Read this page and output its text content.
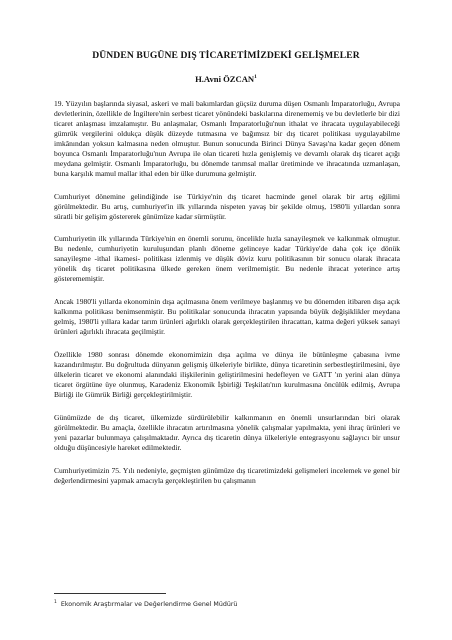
DÜNDEN BUGÜNE DIŞ TİCARETİMİZDEKİ GELİŞMELER
H.Avni ÖZCAN$^1$

19. Yüzyılın başlarında siyasal, askeri ve mali bakımlardan güçsüz duruma düşen Osmanlı İmparatorluğu, Avrupa devletlerinin, özellikle de İngiltere'nin serbest ticaret yönündeki baskılarına direnememiş ve bu devletlerle bir dizi ticaret anlaşması imzalamıştır. Bu anlaşmalar, Osmanlı İmparatorluğu'nun ithalat ve ihracata uygulayabileceği gümrük vergilerini oldukça düşük düzeyde tutmasına ve bağımsız bir dış ticaret politikası uygulayabilme imkânından yoksun kalmasına neden olmuştur. Bunun sonucunda Birinci Dünya Savaşı'na kadar geçen dönem boyunca Osmanlı İmparatorluğu'nun Avrupa ile olan ticareti hızla genişlemiş ve devamlı olarak dış ticaret açığı meydana gelmiştir. Osmanlı İmparatorluğu, bu dönemde tarımsal mallar üretiminde ve ihracatında uzmanlaşan, buna karşılık mamul mallar ithal eden bir ülke durumuna gelmiştir.

Cumhuriyet dönemine gelindiğinde ise Türkiye'nin dış ticaret hacminde genel olarak bir artış eğilimi görülmektedir. Bu artış, cumhuriyet'in ilk yıllarında nispeten yavaş bir şekilde olmuş, 1980'li yıllardan sonra süratli bir gelişim göstererek günümüze kadar sürmüştür.

Cumhuriyetin ilk yıllarında Türkiye'nin en önemli sorunu, öncelikle hızla sanayileşmek ve kalkınmak olmuştur. Bu nedenle, cumhuriyetin kuruluşundan planlı döneme gelinceye kadar Türkiye'de daha çok içe dönük sanayileşme -ithal ikamesi- politikası izlenmiş ve düşük döviz kuru politikasının bir sonucu olarak ihracata yönelik dış ticaret politikasına ülkede gereken önem verilmemiştir. Bu nedenle ihracat yeterince artış gösterememiştir.

Ancak 1980'li yıllarda ekonominin dışa açılmasına önem verilmeye başlanmış ve bu dönemden itibaren dışa açık kalkınma politikası benimsenmiştir. Bu politikalar sonucunda ihracatın yapısında büyük değişiklikler meydana gelmiş, 1980'li yıllara kadar tarım ürünleri ağırlıklı olarak gerçekleştirilen ihracattan, katma değeri yüksek sanayi ürünleri ağırlıklı ihracata geçilmiştir.

Özellikle 1980 sonrası dönemde ekonomimizin dışa açılma ve dünya ile bütünleşme çabasına ivme kazandırılmıştır. Bu doğrultuda dünyanın gelişmiş ülkeleriyle birlikte, dünya ticaretinin serbestleştirilmesini, üye ülkelerin ticaret ve ekonomi alanındaki ilişkilerinin geliştirilmesini hedefleyen ve GATT 'ın yerini alan dünya ticaret örgütüne üye olunmuş, Karadeniz Ekonomik İşbirliği Teşkilatı'nın kurulmasına öncülük edilmiş, Avrupa Birliği ile Gümrük Birliği gerçekleştirilmiştir.

Günümüzde de dış ticaret, ülkemizde sürdürülebilir kalkınmanın en önemli unsurlarından biri olarak görülmektedir. Bu amaçla, özellikle ihracatın artırılmasına yönelik çalışmalar yapılmakta, yeni ihraç ürünleri ve yeni pazarlar bulunmaya çalışılmaktadır. Ayrıca dış ticaretin dünya ülkeleriyle entegrasyonu sağlayıcı bir unsur olduğu düşüncesiyle hareket edilmektedir.

Cumhuriyetimizin 75. Yılı nedeniyle, geçmişten günümüze dış ticaretimizdeki gelişmeleri incelemek ve genel bir değerlendirmesini yapmak amacıyla gerçekleştirilen bu çalışmanın

$^1$ Ekonomik Araştırmalar ve Değerlendirme Genel Müdürü
